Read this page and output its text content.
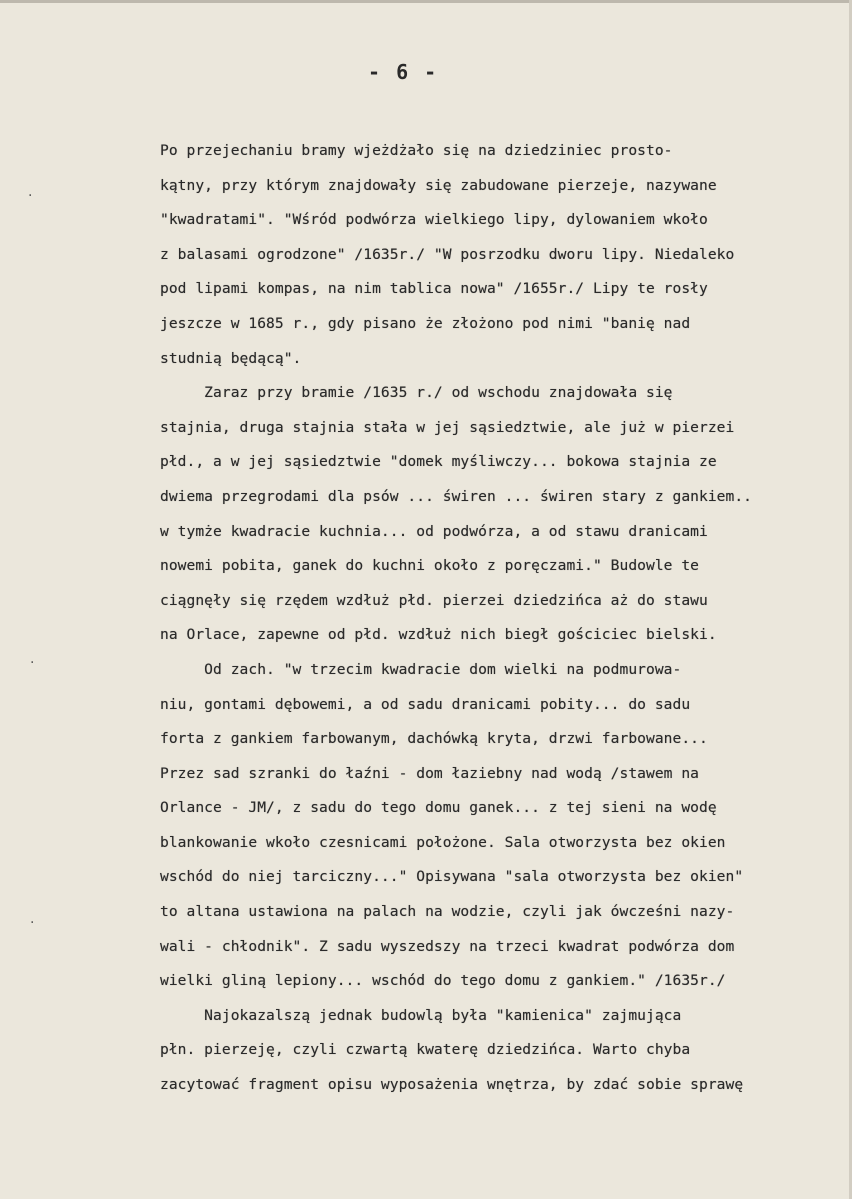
- 6 -
·
·
·
Po przejechaniu bramy wjeżdżało się na dziedziniec prosto-
kątny, przy którym znajdowały się zabudowane pierzeje, nazywane
"kwadratami". "Wśród podwórza wielkiego lipy, dylowaniem wkoło
z balasami ogrodzone" /1635r./ "W posrzodku dworu lipy. Niedaleko
pod lipami kompas, na nim tablica nowa" /1655r./ Lipy te rosły
jeszcze w 1685 r., gdy pisano że złożono pod nimi "banię nad
studnią będącą".
Zaraz przy bramie /1635 r./ od wschodu znajdowała się
stajnia, druga stajnia stała w jej sąsiedztwie, ale już w pierzei
płd., a w jej sąsiedztwie "domek myśliwczy... bokowa stajnia ze
dwiema przegrodami dla psów ... świren ... świren stary z gankiem..
w tymże kwadracie kuchnia... od podwórza, a od stawu dranicami
nowemi pobita, ganek do kuchni około z poręczami." Budowle te
ciągnęły się rzędem wzdłuż płd. pierzei dziedzińca aż do stawu
na Orlace, zapewne od płd. wzdłuż nich biegł gościciec bielski.
Od zach. "w trzecim kwadracie dom wielki na podmurowa-
niu, gontami dębowemi, a od sadu dranicami pobity... do sadu
forta z gankiem farbowanym, dachówką kryta, drzwi farbowane...
Przez sad szranki do łaźni - dom łaziebny nad wodą /stawem na
Orlance - JM/, z sadu do tego domu ganek... z tej sieni na wodę
blankowanie wkoło czesnicami położone. Sala otworzysta bez okien
wschód do niej tarciczny..." Opisywana "sala otworzysta bez okien"
to altana ustawiona na palach na wodzie, czyli jak ówcześni nazy-
wali - chłodnik". Z sadu wyszedszy na trzeci kwadrat podwórza dom
wielki gliną lepiony... wschód do tego domu z gankiem." /1635r./
Najokazalszą jednak budowlą była "kamienica" zajmująca
płn. pierzeję, czyli czwartą kwaterę dziedzińca. Warto chyba
zacytować fragment opisu wyposażenia wnętrza, by zdać sobie sprawę
